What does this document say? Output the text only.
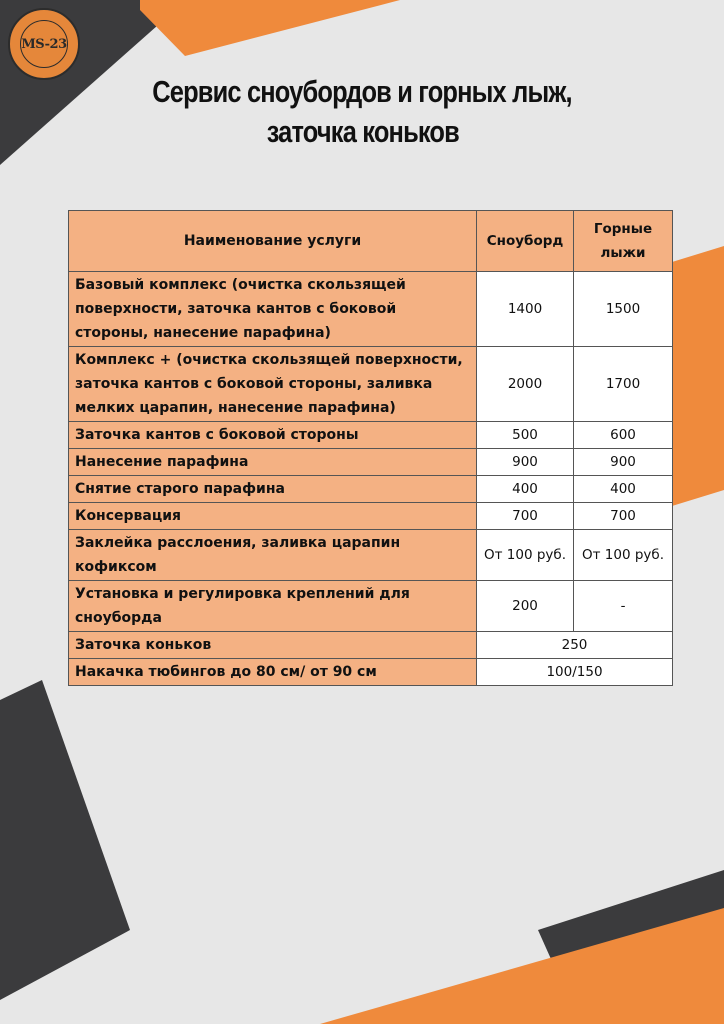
MS-23
Сервис сноубордов и горных лыж,
заточка коньков
Наименование услуги	Сноуборд	Горные лыжи
Базовый комплекс (очистка скользящей поверхности, заточка кантов с боковой стороны, нанесение парафина)	1400	1500
Комплекс + (очистка скользящей поверхности, заточка кантов с боковой стороны, заливка мелких царапин, нанесение парафина)	2000	1700
Заточка кантов с боковой стороны	500	600
Нанесение парафина	900	900
Снятие старого парафина	400	400
Консервация	700	700
Заклейка расслоения, заливка царапин кофиксом	От 100 руб.	От 100 руб.
Установка и регулировка креплений для сноуборда	200	-
Заточка коньков	250	
Накачка тюбингов до 80 см/ от 90 см	100/150	
